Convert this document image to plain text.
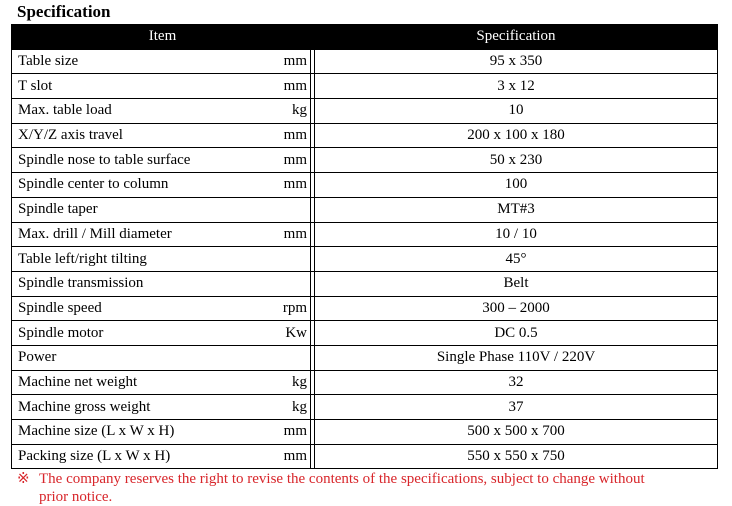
Specification
Item		Specification

Table size mm		95 x 350

T slot mm		3 x 12

Max. table load kg		10

X/Y/Z axis travel mm		200 x 100 x 180

Spindle nose to table surface mm		50 x 230

Spindle center to column mm		100

Spindle taper		MT#3

Max. drill / Mill diameter mm		10 / 10

Table left/right tilting		45°

Spindle transmission		Belt

Spindle speed rpm		300 – 2000

Spindle motor Kw		DC 0.5

Power		Single Phase 110V / 220V

Machine net weight kg		32

Machine gross weight kg		37

Machine size (L x W x H) mm		500 x 500 x 700

Packing size (L x W x H) mm		550 x 550 x 750
※ The company reserves the right to revise the contents of the specifications, subject to change without
prior notice.
